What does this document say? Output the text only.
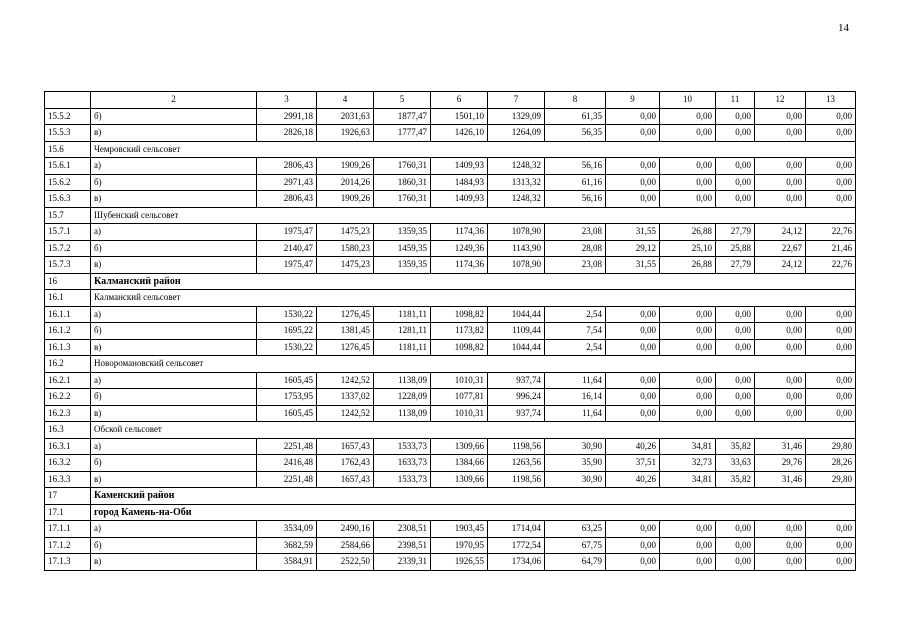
14
	2	3	4	5	6	7	8	9	10	11	12	13
15.5.2	б)	2991,18	2031,63	1877,47	1501,10	1329,09	61,35	0,00	0,00	0,00	0,00	0,00
15.5.3	в)	2826,18	1926,63	1777,47	1426,10	1264,09	56,35	0,00	0,00	0,00	0,00	0,00
15.6	Чемровский сельсовет											
15.6.1	а)	2806,43	1909,26	1760,31	1409,93	1248,32	56,16	0,00	0,00	0,00	0,00	0,00
15.6.2	б)	2971,43	2014,26	1860,31	1484,93	1313,32	61,16	0,00	0,00	0,00	0,00	0,00
15.6.3	в)	2806,43	1909,26	1760,31	1409,93	1248,32	56,16	0,00	0,00	0,00	0,00	0,00
15.7	Шубенский сельсовет											
15.7.1	а)	1975,47	1475,23	1359,35	1174,36	1078,90	23,08	31,55	26,88	27,79	24,12	22,76
15.7.2	б)	2140,47	1580,23	1459,35	1249,36	1143,90	28,08	29,12	25,10	25,88	22,67	21,46
15.7.3	в)	1975,47	1475,23	1359,35	1174,36	1078,90	23,08	31,55	26,88	27,79	24,12	22,76
16	Калманский район											
16.1	Калманский сельсовет											
16.1.1	а)	1530,22	1276,45	1181,11	1098,82	1044,44	2,54	0,00	0,00	0,00	0,00	0,00
16.1.2	б)	1695,22	1381,45	1281,11	1173,82	1109,44	7,54	0,00	0,00	0,00	0,00	0,00
16.1.3	в)	1530,22	1276,45	1181,11	1098,82	1044,44	2,54	0,00	0,00	0,00	0,00	0,00
16.2	Новоромановский сельсовет											
16.2.1	а)	1605,45	1242,52	1138,09	1010,31	937,74	11,64	0,00	0,00	0,00	0,00	0,00
16.2.2	б)	1753,95	1337,02	1228,09	1077,81	996,24	16,14	0,00	0,00	0,00	0,00	0,00
16.2.3	в)	1605,45	1242,52	1138,09	1010,31	937,74	11,64	0,00	0,00	0,00	0,00	0,00
16.3	Обской сельсовет											
16.3.1	а)	2251,48	1657,43	1533,73	1309,66	1198,56	30,90	40,26	34,81	35,82	31,46	29,80
16.3.2	б)	2416,48	1762,43	1633,73	1384,66	1263,56	35,90	37,51	32,73	33,63	29,76	28,26
16.3.3	в)	2251,48	1657,43	1533,73	1309,66	1198,56	30,90	40,26	34,81	35,82	31,46	29,80
17	Каменский район											
17.1	город Камень-на-Оби											
17.1.1	а)	3534,09	2490,16	2308,51	1903,45	1714,04	63,25	0,00	0,00	0,00	0,00	0,00
17.1.2	б)	3682,59	2584,66	2398,51	1970,95	1772,54	67,75	0,00	0,00	0,00	0,00	0,00
17.1.3	в)	3584,91	2522,50	2339,31	1926,55	1734,06	64,79	0,00	0,00	0,00	0,00	0,00
